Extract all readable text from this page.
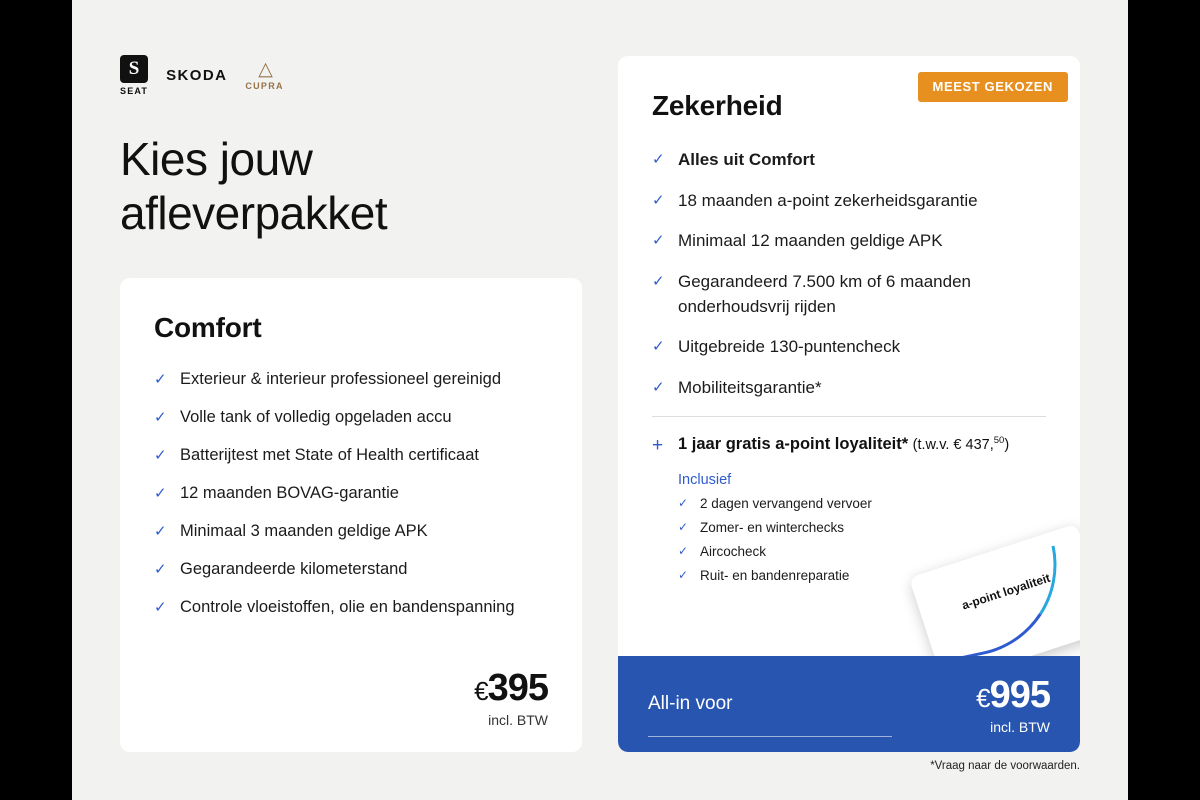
S
SEAT
SKODA △
CUPRA
Kies jouw afleverpakket
Comfort
✓ Exterieur & interieur professioneel gereinigd
✓ Volle tank of volledig opgeladen accu
✓ Batterijtest met State of Health certificaat
✓ 12 maanden BOVAG-garantie
✓ Minimaal 3 maanden geldige APK
✓ Gegarandeerde kilometerstand
✓ Controle vloeistoffen, olie en bandenspanning
€395
incl. BTW
MEEST GEKOZEN
Zekerheid
✓ Alles uit Comfort
✓ 18 maanden a-point zekerheidsgarantie
✓ Minimaal 12 maanden geldige APK
✓ Gegarandeerd 7.500 km of 6 maanden onderhoudsvrij rijden
✓ Uitgebreide 130-puntencheck
✓ Mobiliteitsgarantie*
+ 1 jaar gratis a-point loyaliteit* (t.w.v. € 437,50)
Inclusief
✓ 2 dagen vervangend vervoer
✓ Zomer- en winterchecks
✓ Aircocheck
✓ Ruit- en bandenreparatie	a-point loyaliteit
All-in voor	€995
incl. BTW
*Vraag naar de voorwaarden.
